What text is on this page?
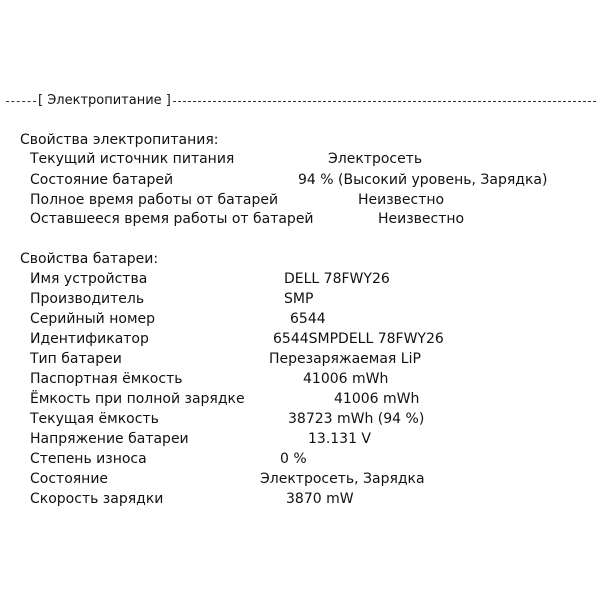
[ Электропитание ]
Свойства электропитания:
Текущий источник питания	Электросеть
Состояние батарей	94 % (Высокий уровень, Зарядка)
Полное время работы от батарей	Неизвестно
Оставшееся время работы от батарей	Неизвестно
Свойства батареи:
Имя устройства	DELL 78FWY26
Производитель	SMP
Серийный номер	6544
Идентификатор	6544SMPDELL 78FWY26
Тип батареи	Перезаряжаемая LiP
Паспортная ёмкость	41006 mWh
Ёмкость при полной зарядке	41006 mWh
Текущая ёмкость	38723 mWh (94 %)
Напряжение батареи	13.131 V
Степень износа	0 %
Состояние	Электросеть, Зарядка
Скорость зарядки	3870 mW
